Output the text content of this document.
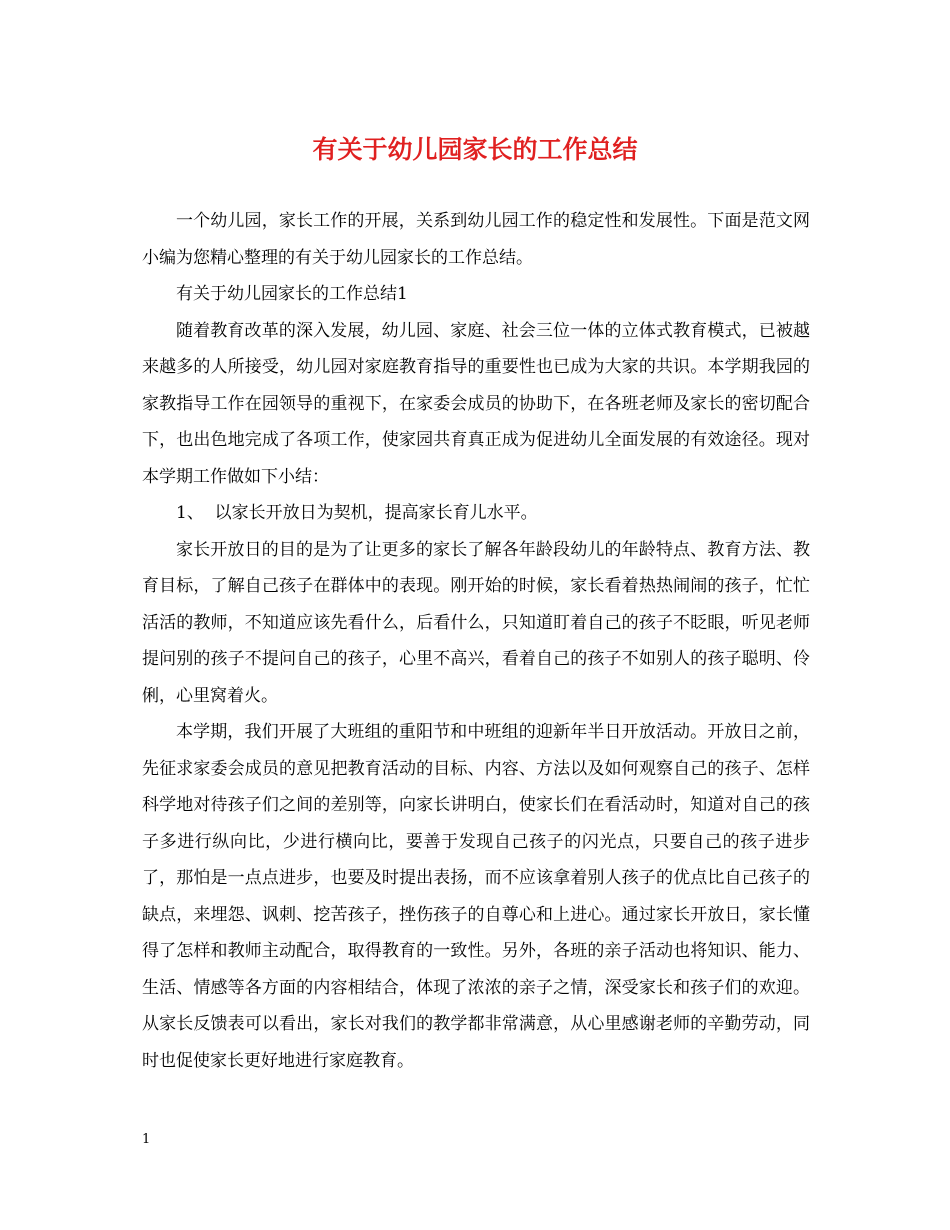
有关于幼儿园家长的工作总结

一个幼儿园，家长工作的开展，关系到幼儿园工作的稳定性和发展性。下面是范文网小编为您精心整理的有关于幼儿园家长的工作总结。

有关于幼儿园家长的工作总结1

随着教育改革的深入发展，幼儿园、家庭、社会三位一体的立体式教育模式，已被越来越多的人所接受，幼儿园对家庭教育指导的重要性也已成为大家的共识。本学期我园的家教指导工作在园领导的重视下，在家委会成员的协助下，在各班老师及家长的密切配合下，也出色地完成了各项工作，使家园共育真正成为促进幼儿全面发展的有效途径。现对本学期工作做如下小结：

1、  以家长开放日为契机，提高家长育儿水平。

家长开放日的目的是为了让更多的家长了解各年龄段幼儿的年龄特点、教育方法、教育目标，了解自己孩子在群体中的表现。刚开始的时候，家长看着热热闹闹的孩子，忙忙活活的教师，不知道应该先看什么，后看什么，只知道盯着自己的孩子不眨眼，听见老师提问别的孩子不提问自己的孩子，心里不高兴，看着自己的孩子不如别人的孩子聪明、伶俐，心里窝着火。

本学期，我们开展了大班组的重阳节和中班组的迎新年半日开放活动。开放日之前，先征求家委会成员的意见把教育活动的目标、内容、方法以及如何观察自己的孩子、怎样科学地对待孩子们之间的差别等，向家长讲明白，使家长们在看活动时，知道对自己的孩子多进行纵向比，少进行横向比，要善于发现自己孩子的闪光点，只要自己的孩子进步了，那怕是一点点进步，也要及时提出表扬，而不应该拿着别人孩子的优点比自己孩子的缺点，来埋怨、讽刺、挖苦孩子，挫伤孩子的自尊心和上进心。通过家长开放日，家长懂得了怎样和教师主动配合，取得教育的一致性。另外，各班的亲子活动也将知识、能力、生活、情感等各方面的内容相结合，体现了浓浓的亲子之情，深受家长和孩子们的欢迎。从家长反馈表可以看出，家长对我们的教学都非常满意，从心里感谢老师的辛勤劳动，同时也促使家长更好地进行家庭教育。

1
